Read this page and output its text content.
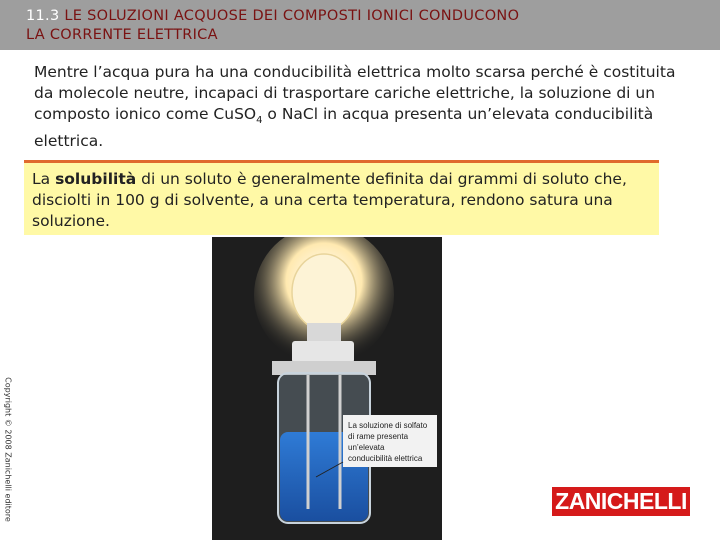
11.3 LE SOLUZIONI ACQUOSE DEI COMPOSTI IONICI CONDUCONO
LA CORRENTE ELETTRICA
Mentre l’acqua pura ha una conducibilità elettrica molto scarsa perché è costituita da molecole neutre, incapaci di trasportare cariche elettriche, la soluzione di un composto ionico come CuSO$_4$ o NaCl in acqua presenta un’elevata conducibilità elettrica.
La solubilità di un soluto è generalmente definita dai grammi di soluto che, disciolti in 100 g di solvente, a una certa temperatura, rendono satura una soluzione.
La soluzione di solfato
di rame presenta
un’elevata
conducibilità elettrica
Copyright © 2008 Zanichelli editore	ZANICHELLI
